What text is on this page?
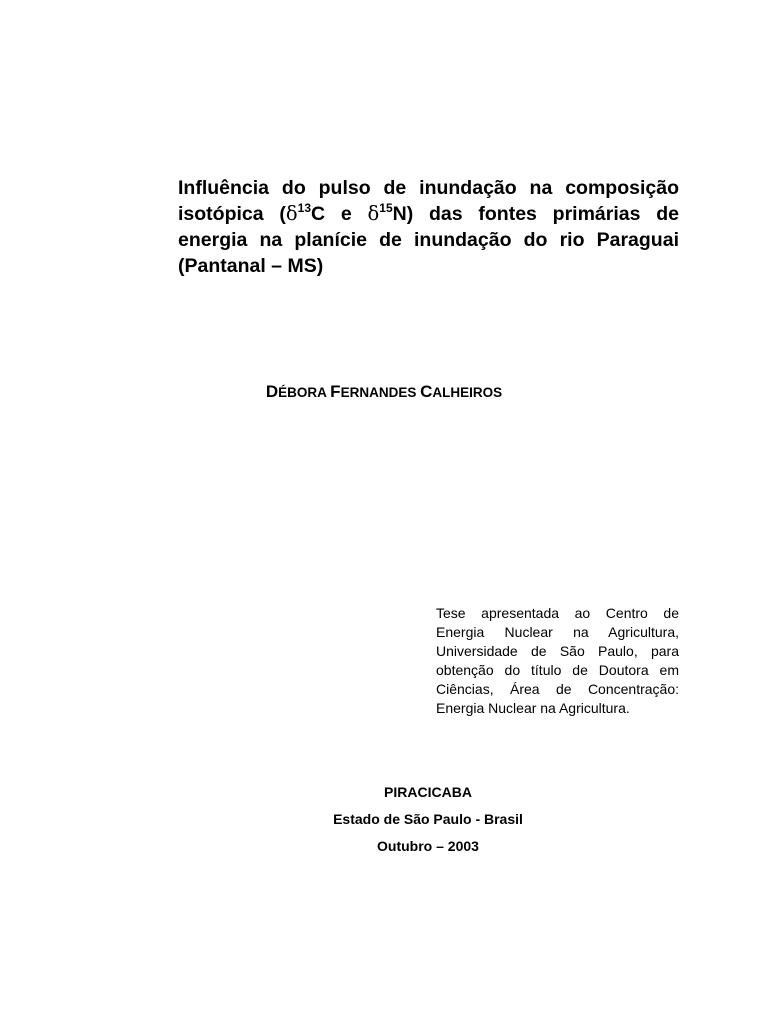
Influência do pulso de inundação na composição
isotópica ($\delta^{13}C$ e $\delta^{15}N$) das fontes primárias de
energia na planície de inundação do rio Paraguai
(Pantanal – MS)
DÉBORA FERNANDES CALHEIROS
Tese apresentada ao Centro de
Energia Nuclear na Agricultura,
Universidade de São Paulo, para
obtenção do título de Doutora em
Ciências, Área de Concentração:
Energia Nuclear na Agricultura.
PIRACICABA
Estado de São Paulo - Brasil
Outubro – 2003
